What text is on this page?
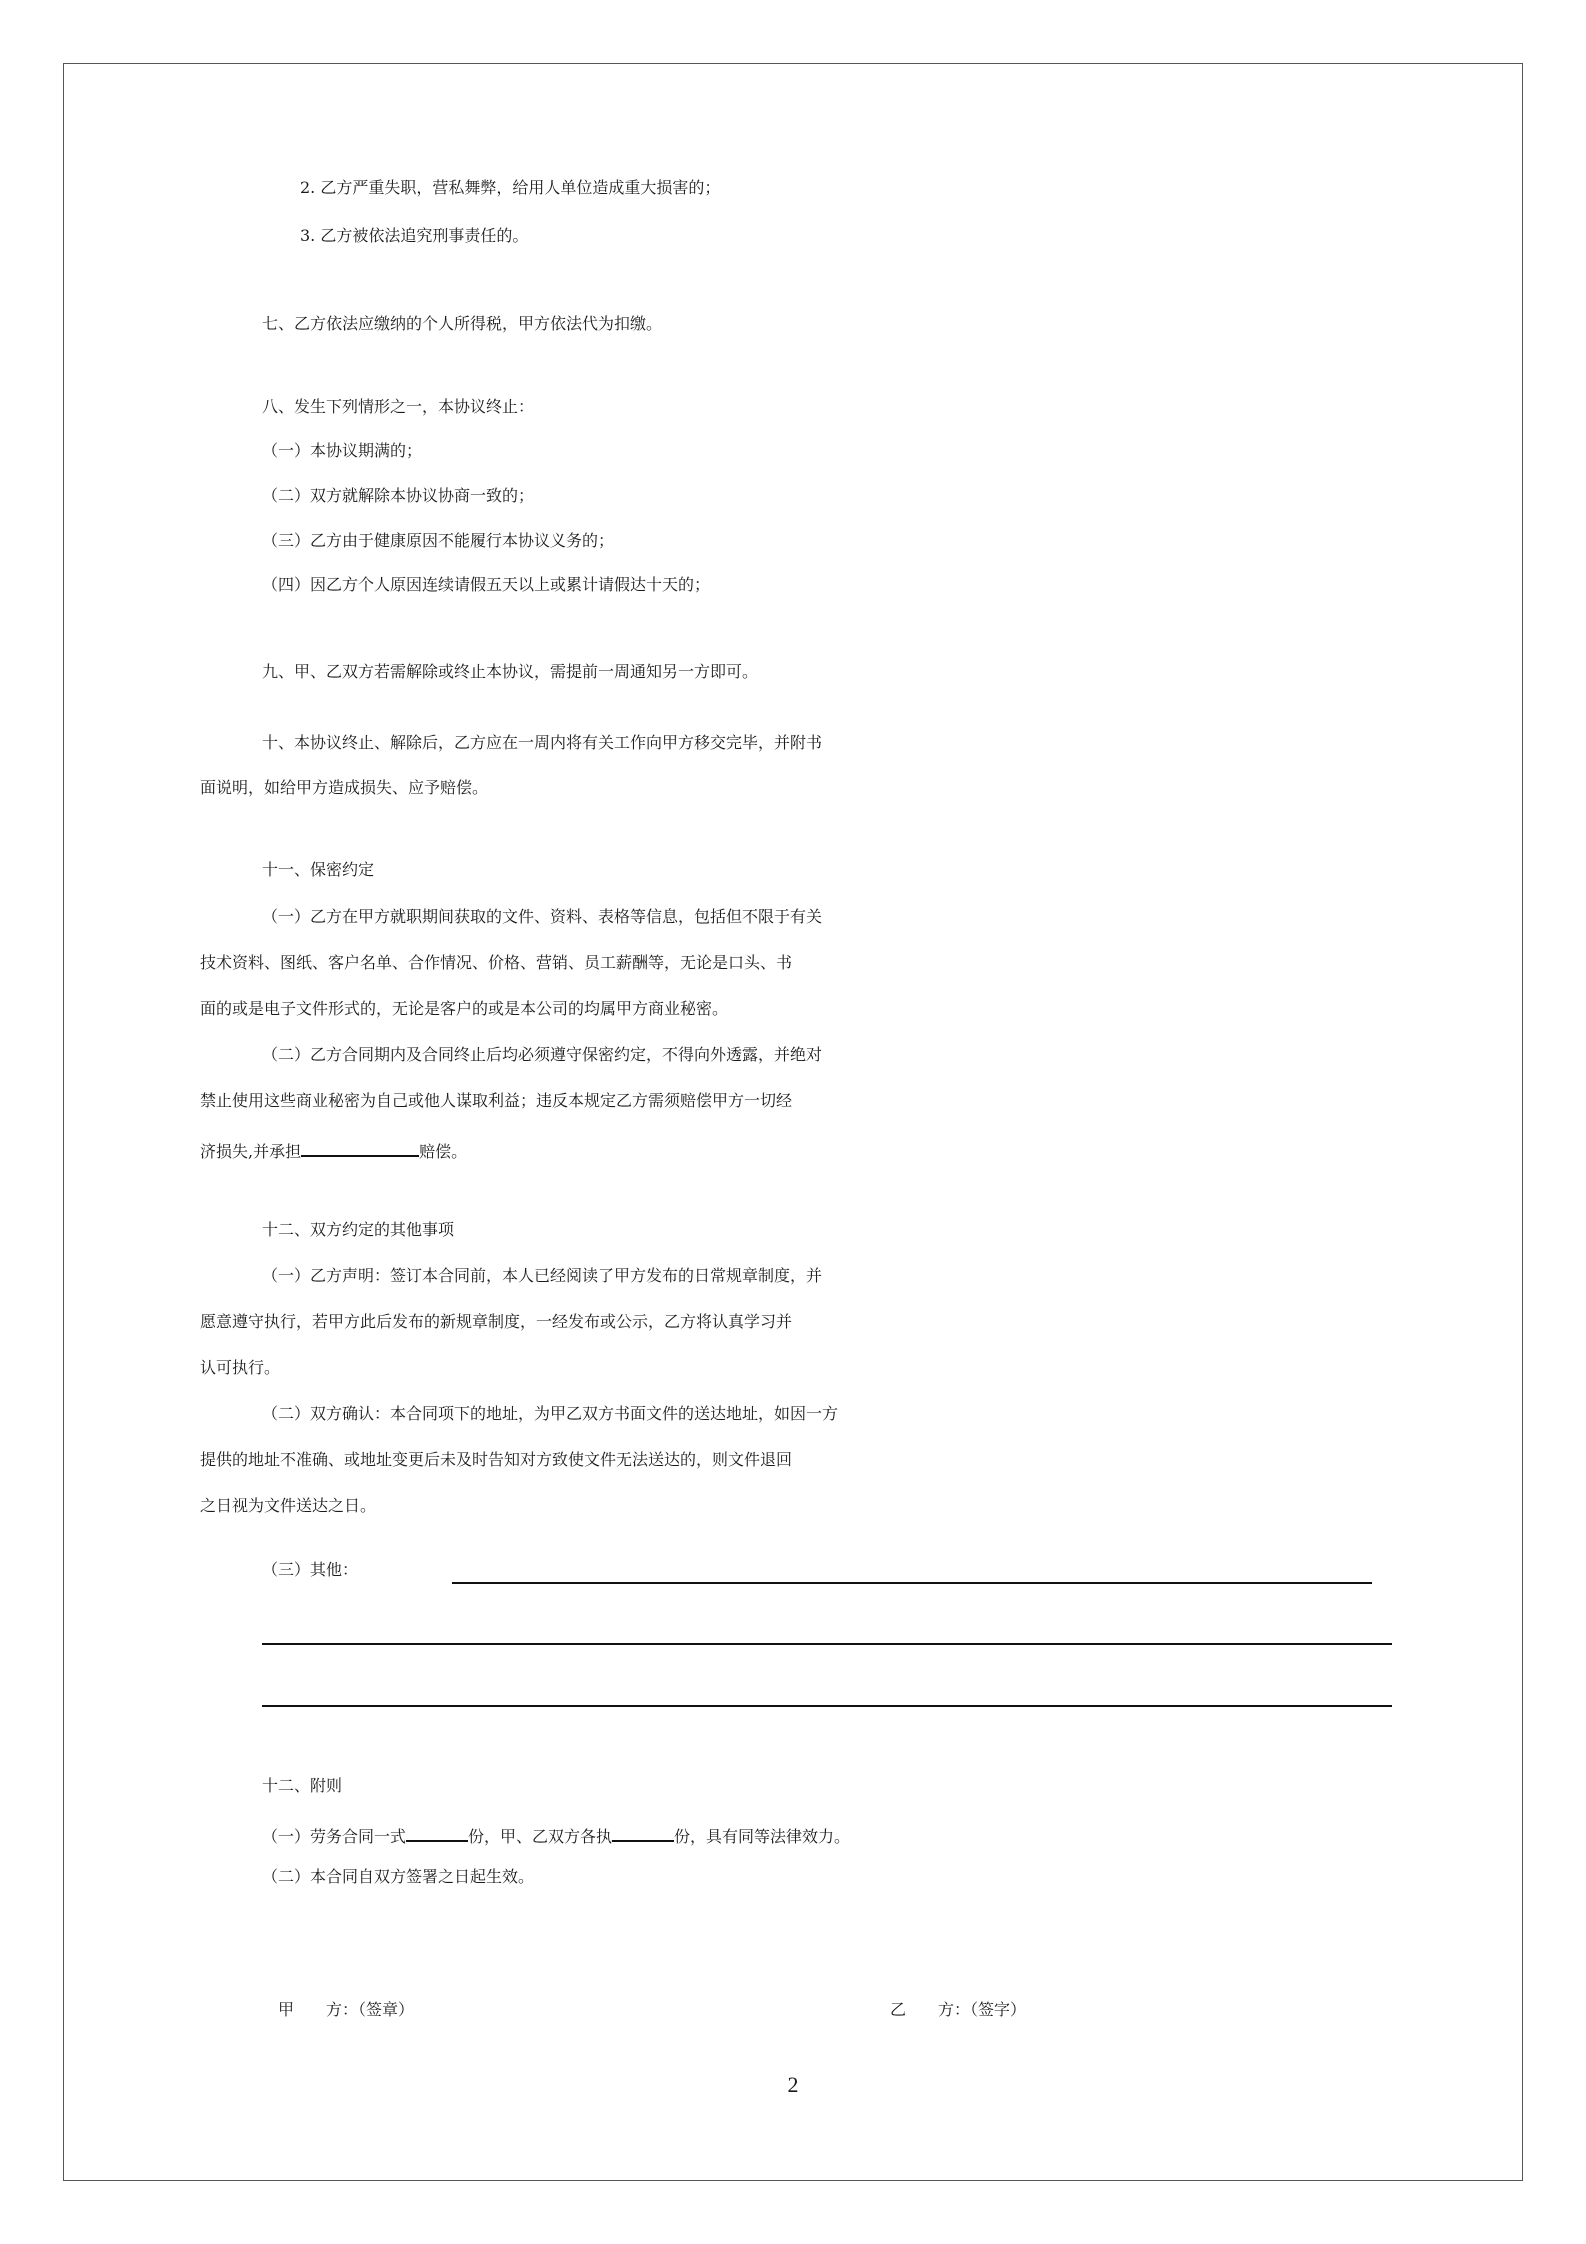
2. 乙方严重失职，营私舞弊，给用人单位造成重大损害的；
3. 乙方被依法追究刑事责任的。
七、乙方依法应缴纳的个人所得税，甲方依法代为扣缴。
八、发生下列情形之一，本协议终止：
（一）本协议期满的；
（二）双方就解除本协议协商一致的；
（三）乙方由于健康原因不能履行本协议义务的；
（四）因乙方个人原因连续请假五天以上或累计请假达十天的；
九、甲、乙双方若需解除或终止本协议，需提前一周通知另一方即可。
十、本协议终止、解除后，乙方应在一周内将有关工作向甲方移交完毕，并附书
面说明，如给甲方造成损失、应予赔偿。
十一、保密约定
（一）乙方在甲方就职期间获取的文件、资料、表格等信息，包括但不限于有关
技术资料、图纸、客户名单、合作情况、价格、营销、员工薪酬等，无论是口头、书
面的或是电子文件形式的，无论是客户的或是本公司的均属甲方商业秘密。
（二）乙方合同期内及合同终止后均必须遵守保密约定，不得向外透露，并绝对
禁止使用这些商业秘密为自己或他人谋取利益；违反本规定乙方需须赔偿甲方一切经
济损失,并承担	赔偿。
十二、双方约定的其他事项
（一）乙方声明：签订本合同前，本人已经阅读了甲方发布的日常规章制度，并
愿意遵守执行，若甲方此后发布的新规章制度，一经发布或公示，乙方将认真学习并
认可执行。
（二）双方确认：本合同项下的地址，为甲乙双方书面文件的送达地址，如因一方
提供的地址不准确、或地址变更后未及时告知对方致使文件无法送达的，则文件退回
之日视为文件送达之日。
（三）其他：
十二、附则
（一）劳务合同一式	份，甲、乙双方各执	份，具有同等法律效力。
（二）本合同自双方签署之日起生效。
甲　　方：（签章）	乙　　方：（签字）
2
